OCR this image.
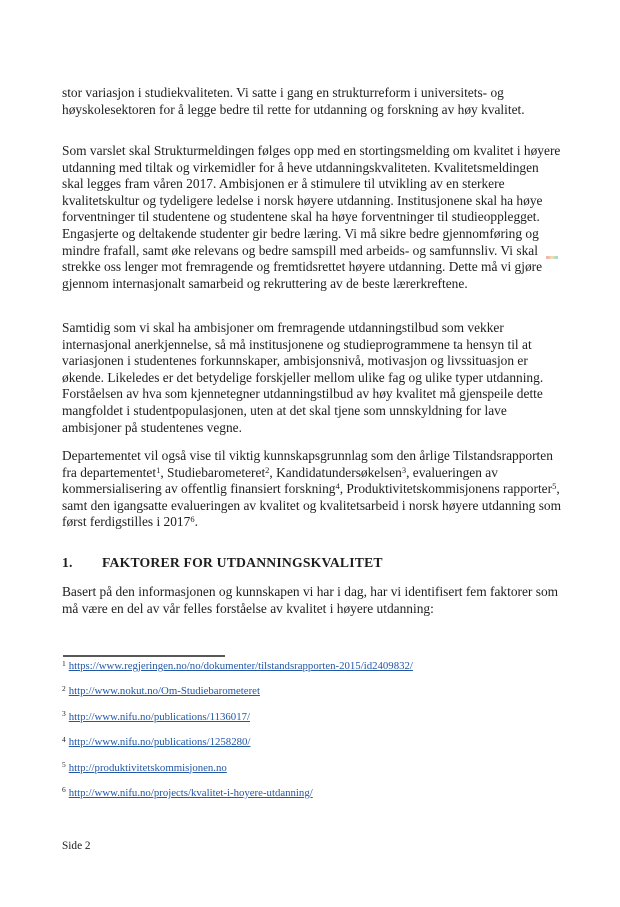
stor variasjon i studiekvaliteten. Vi satte i gang en strukturreform i universitets- og høyskolesektoren for å legge bedre til rette for utdanning og forskning av høy kvalitet.
Som varslet skal Strukturmeldingen følges opp med en stortingsmelding om kvalitet i høyere utdanning med tiltak og virkemidler for å heve utdanningskvaliteten. Kvalitetsmeldingen skal legges fram våren 2017. Ambisjonen er å stimulere til utvikling av en sterkere kvalitetskultur og tydeligere ledelse i norsk høyere utdanning. Institusjonene skal ha høye forventninger til studentene og studentene skal ha høye forventninger til studieopplegget. Engasjerte og deltakende studenter gir bedre læring. Vi må sikre bedre gjennomføring og mindre frafall, samt øke relevans og bedre samspill med arbeids- og samfunnsliv. Vi skal strekke oss lenger mot fremragende og fremtidsrettet høyere utdanning. Dette må vi gjøre gjennom internasjonalt samarbeid og rekruttering av de beste lærerkreftene.
Samtidig som vi skal ha ambisjoner om fremragende utdanningstilbud som vekker internasjonal anerkjennelse, så må institusjonene og studieprogrammene ta hensyn til at variasjonen i studentenes forkunnskaper, ambisjonsnivå, motivasjon og livssituasjon er økende. Likeledes er det betydelige forskjeller mellom ulike fag og ulike typer utdanning. Forståelsen av hva som kjennetegner utdanningstilbud av høy kvalitet må gjenspeile dette mangfoldet i studentpopulasjonen, uten at det skal tjene som unnskyldning for lave ambisjoner på studentenes vegne.
Departementet vil også vise til viktig kunnskapsgrunnlag som den årlige Tilstandsrapporten fra departementet$^1$, Studiebarometeret$^2$, Kandidatundersøkelsen$^3$, evalueringen av kommersialisering av offentlig finansiert forskning$^4$, Produktivitetskommisjonens rapporter$^5$, samt den igangsatte evalueringen av kvalitet og kvalitetsarbeid i norsk høyere utdanning som først ferdigstilles i 2017$^6$.
1. FAKTORER FOR UTDANNINGSKVALITET
Basert på den informasjonen og kunnskapen vi har i dag, har vi identifisert fem faktorer som må være en del av vår felles forståelse av kvalitet i høyere utdanning:
$^1$ https://www.regjeringen.no/no/dokumenter/tilstandsrapporten-2015/id2409832/
$^2$ http://www.nokut.no/Om-Studiebarometeret
$^3$ http://www.nifu.no/publications/1136017/
$^4$ http://www.nifu.no/publications/1258280/
$^5$ http://produktivitetskommisjonen.no
$^6$ http://www.nifu.no/projects/kvalitet-i-hoyere-utdanning/
Side 2
